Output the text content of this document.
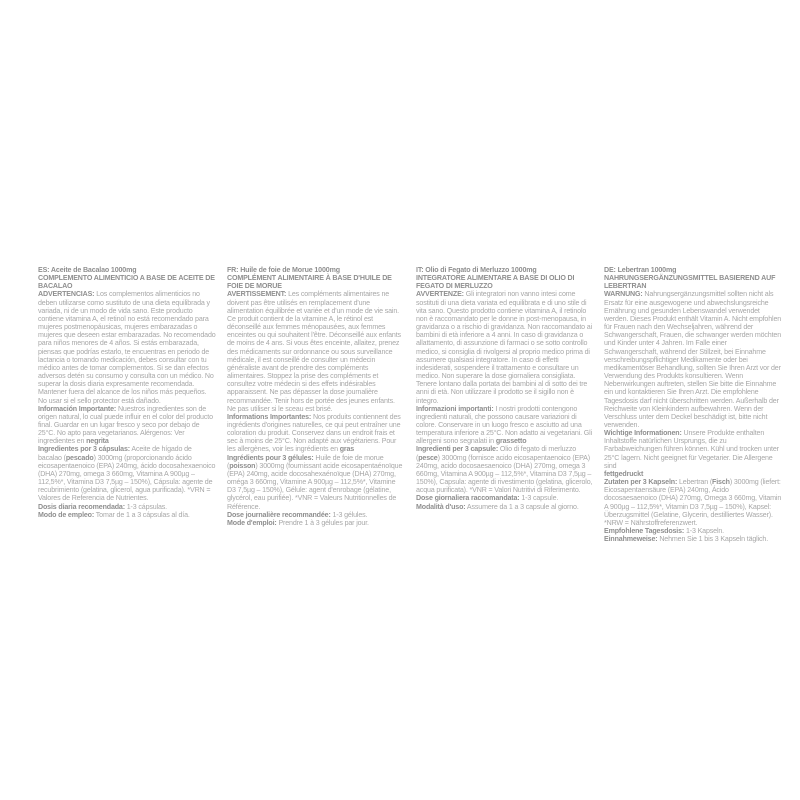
ES: Aceite de Bacalao 1000mg
COMPLEMENTO ALIMENTICIO A BASE DE ACEITE DE BACALAO

ADVERTENCIAS: Los complementos alimenticios no deben utilizarse como sustituto de una dieta equilibrada y variada, ni de un modo de vida sano. Este producto contiene vitamina A, el retinol no está recomendado para mujeres postmenopáusicas, mujeres embarazadas o mujeres que deseen estar embarazadas. No recomendado para niños menores de 4 años. Si estás embarazada, piensas que podrías estarlo, te encuentras en periodo de lactancia o tomando medicación, debes consultar con tu médico antes de tomar complementos. Si se dan efectos adversos detén su consumo y consulta con un médico. No superar la dosis diaria expresamente recomendada. Mantener fuera del alcance de los niños más pequeños. No usar si el sello protector está dañado.

Información Importante: Nuestros ingredientes son de origen natural, lo cual puede influir en el color del producto final. Guardar en un lugar fresco y seco por debajo de 25°C. No apto para vegetarianos. Alérgenos: Ver ingredientes en negrita

Ingredientes por 3 cápsulas: Aceite de hígado de bacalao (pescado) 3000mg (proporcionando ácido eicosapentaenoico (EPA) 240mg, ácido docosahexaenoico (DHA) 270mg, omega 3 660mg, Vitamina A 900µg – 112,5%*, Vitamina D3 7,5µg – 150%), Cápsula: agente de recubrimiento (gelatina, glicerol, agua purificada). *VRN = Valores de Referencia de Nutrientes.

Dosis diaria recomendada: 1-3 cápsulas.

Modo de empleo: Tomar de 1 a 3 cápsulas al día.

FR: Huile de foie de Morue 1000mg
COMPLÉMENT ALIMENTAIRE À BASE D'HUILE DE FOIE DE MORUE

AVERTISSEMENT: Les compléments alimentaires ne doivent pas être utilisés en remplacement d'une alimentation équilibrée et variée et d'un mode de vie sain. Ce produit contient de la vitamine A, le rétinol est déconseillé aux femmes ménopausées, aux femmes enceintes ou qui souhaitent l'être. Déconseillé aux enfants de moins de 4 ans. Si vous êtes enceinte, allaitez, prenez des médicaments sur ordonnance ou sous surveillance médicale, il est conseillé de consulter un médecin généraliste avant de prendre des compléments alimentaires. Stoppez la prise des compléments et consultez votre médecin si des effets indésirables apparaissent. Ne pas dépasser la dose journalière recommandée. Tenir hors de portée des jeunes enfants. Ne pas utiliser si le sceau est brisé.

Informations Importantes: Nos produits contiennent des ingrédients d'origines naturelles, ce qui peut entraîner une coloration du produit. Conservez dans un endroit frais et sec à moins de 25°C. Non adapté aux végétariens. Pour les allergènes, voir les ingrédients en gras

Ingrédients pour 3 gélules: Huile de foie de morue (poisson) 3000mg (fournissant acide eicosapentaénoïque (EPA) 240mg, acide docosahexaénoïque (DHA) 270mg, oméga 3 660mg, Vitamine A 900µg – 112,5%*, Vitamine D3 7,5µg – 150%), Gélule: agent d'enrobage (gélatine, glycérol, eau purifiée). *VNR = Valeurs Nutritionnelles de Référence.

Dose journalière recommandée: 1-3 gélules.

Mode d'emploi: Prendre 1 à 3 gélules par jour.

IT: Olio di Fegato di Merluzzo 1000mg
INTEGRATORE ALIMENTARE A BASE DI OLIO DI FEGATO DI MERLUZZO

AVVERTENZE: Gli integratori non vanno intesi come sostituti di una dieta variata ed equilibrata e di uno stile di vita sano. Questo prodotto contiene vitamina A, il retinolo non è raccomandato per le donne in post-menopausa, in gravidanza o a rischio di gravidanza. Non raccomandato ai bambini di età inferiore a 4 anni. In caso di gravidanza o allattamento, di assunzione di farmaci o se sotto controllo medico, si consiglia di rivolgersi al proprio medico prima di assumere qualsiasi integratore. In caso di effetti indesiderati, sospendere il trattamento e consultare un medico. Non superare la dose giornaliera consigliata. Tenere lontano dalla portata dei bambini al di sotto dei tre anni di età. Non utilizzare il prodotto se il sigillo non è integro.

Informazioni importanti: I nostri prodotti contengono ingredienti naturali, che possono causare variazioni di colore. Conservare in un luogo fresco e asciutto ad una temperatura inferiore a 25°C. Non adatto ai vegetariani. Gli allergeni sono segnalati in grassetto

Ingredienti per 3 capsule: Olio di fegato di merluzzo (pesce) 3000mg (fornisce acido eicosapentaenoico (EPA) 240mg, acido docosaesaenoico (DHA) 270mg, omega 3 660mg, Vitamina A 900µg – 112,5%*, Vitamina D3 7,5µg – 150%), Capsula: agente di rivestimento (gelatina, glicerolo, acqua purificata). *VNR = Valori Nutritivi di Riferimento.

Dose giornaliera raccomandata: 1-3 capsule.

Modalità d'uso: Assumere da 1 a 3 capsule al giorno.

DE: Lebertran 1000mg
NAHRUNGSERGÄNZUNGSMITTEL BASIEREND AUF LEBERTRAN

WARNUNG: Nahrungsergänzungsmittel sollten nicht als Ersatz für eine ausgewogene und abwechslungsreiche Ernährung und gesunden Lebenswandel verwendet werden. Dieses Produkt enthält Vitamin A. Nicht empfohlen für Frauen nach den Wechseljahren, während der Schwangerschaft, Frauen, die schwanger werden möchten und Kinder unter 4 Jahren. Im Falle einer Schwangerschaft, während der Stillzeit, bei Einnahme verschreibungspflichtiger Medikamente oder bei medikamentöser Behandlung, sollten Sie Ihren Arzt vor der Verwendung des Produkts konsultieren. Wenn Nebenwirkungen auftreten, stellen Sie bitte die Einnahme ein und kontaktieren Sie Ihren Arzt. Die empfohlene Tagesdosis darf nicht überschritten werden. Außerhalb der Reichweite von Kleinkindern aufbewahren. Wenn der Verschluss unter dem Deckel beschädigt ist, bitte nicht verwenden.

Wichtige Informationen: Unsere Produkte enthalten Inhaltstoffe natürlichen Ursprungs, die zu Farbabweichungen führen können. Kühl und trocken unter 25°C lagern. Nicht geeignet für Vegetarier. Die Allergene sind
fettgedruckt

Zutaten per 3 Kapseln: Lebertran (Fisch) 3000mg (liefert: Eicosapentaensäure (EPA) 240mg, Ácido docosaesaenoico (DHA) 270mg, Omega 3 660mg, Vitamin A 900µg – 112,5%*, Vitamin D3 7,5µg – 150%), Kapsel: Überzugsmittel (Gelatine, Glycerin, destilliertes Wasser). *NRW = Nährstoffreferenzwert.

Empfohlene Tagesdosis: 1-3 Kapseln.

Einnahmeweise: Nehmen Sie 1 bis 3 Kapseln täglich.
